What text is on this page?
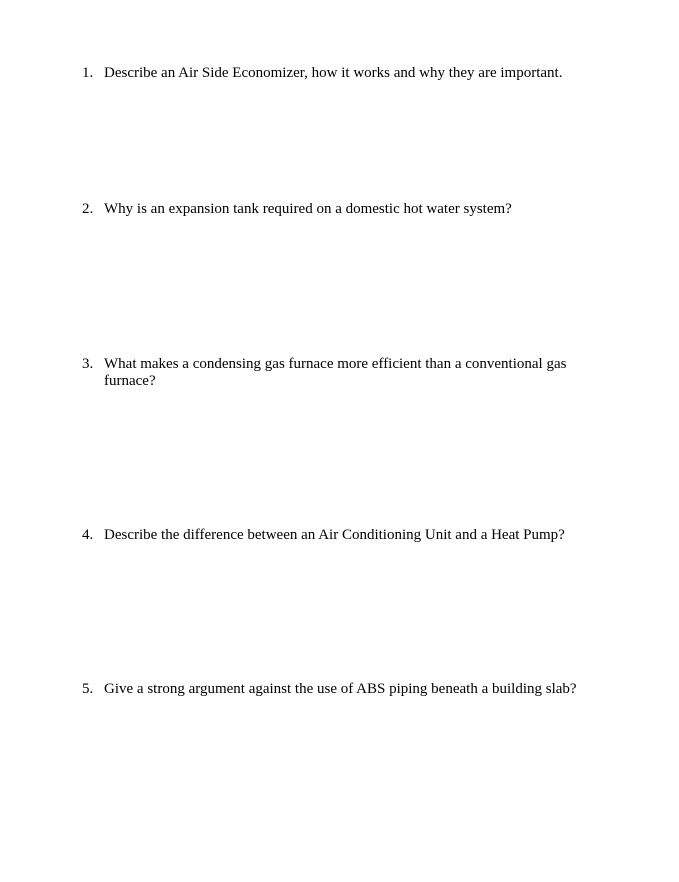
1. Describe an Air Side Economizer, how it works and why they are important.
2. Why is an expansion tank required on a domestic hot water system?
3. What makes a condensing gas furnace more efficient than a conventional gas furnace?
4. Describe the difference between an Air Conditioning Unit and a Heat Pump?
5. Give a strong argument against the use of ABS piping beneath a building slab?
